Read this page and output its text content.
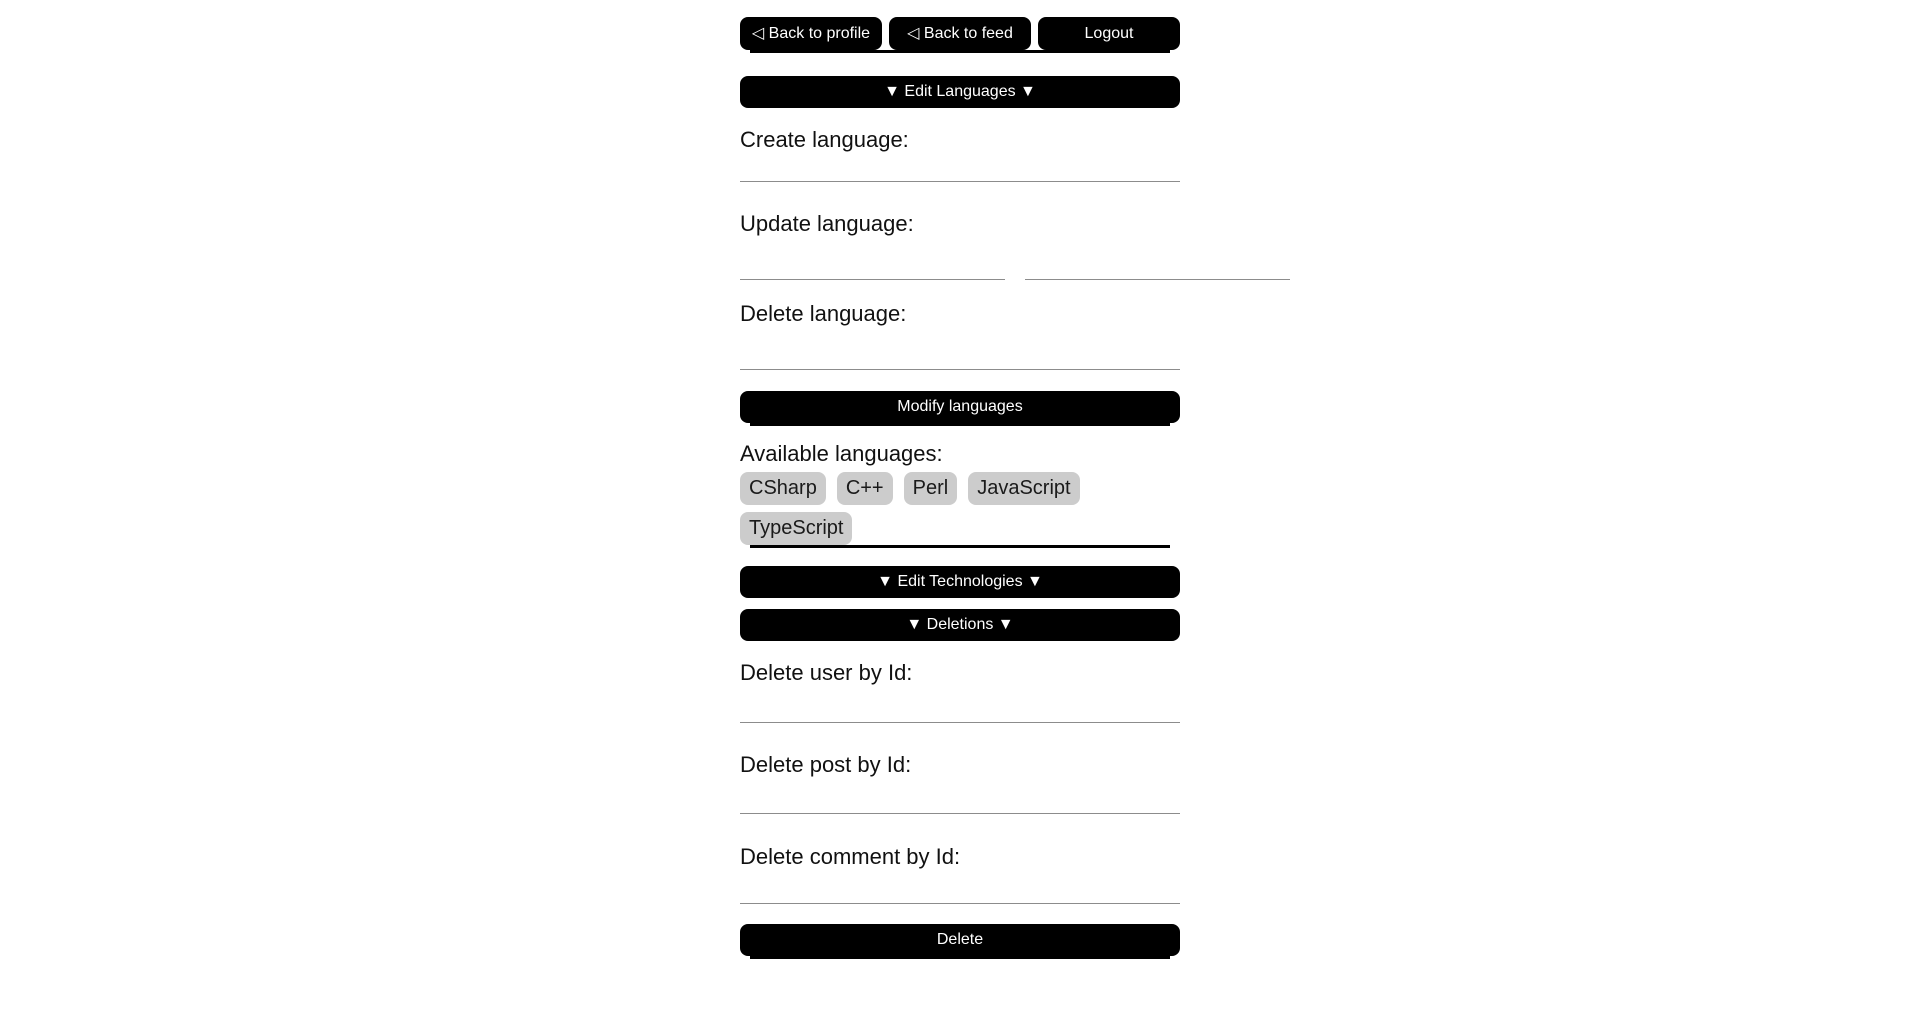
◁ Back to profile	◁ Back to feed	Logout
▼ Edit Languages ▼
Create language:
Update language:
Delete language:
Modify languages
Available languages:
CSharp	C++	Perl	JavaScript
TypeScript
▼ Edit Technologies ▼
▼ Deletions ▼
Delete user by Id:
Delete post by Id:
Delete comment by Id:
Delete
